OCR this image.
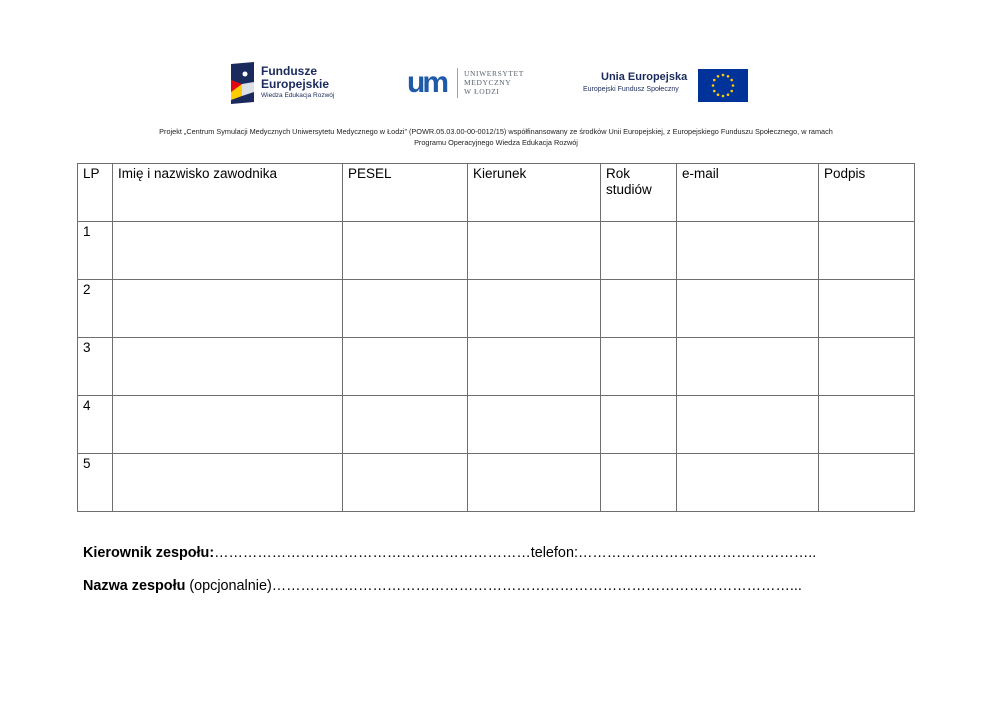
Fundusze
Europejskie
Wiedza Edukacja Rozwój um UNIWERSYTET
MEDYCZNY
W ŁODZI
Unia Europejska
Europejski Fundusz Społeczny
Projekt „Centrum Symulacji Medycznych Uniwersytetu Medycznego w Łodzi” (POWR.05.03.00-00-0012/15) współfinansowany ze środków Unii Europejskiej, z Europejskiego Funduszu Społecznego, w ramach
Programu Operacyjnego Wiedza Edukacja Rozwój
LP	Imię i nazwisko zawodnika	PESEL	Kierunek	Rok studiów	e-mail	Podpis
1						
2						
3						
4						
5						
Kierownik zespołu:…………………………………………………………telefon:…………………………………………..
Nazwa zespołu (opcjonalnie)………………………………………………………………………………………………...
